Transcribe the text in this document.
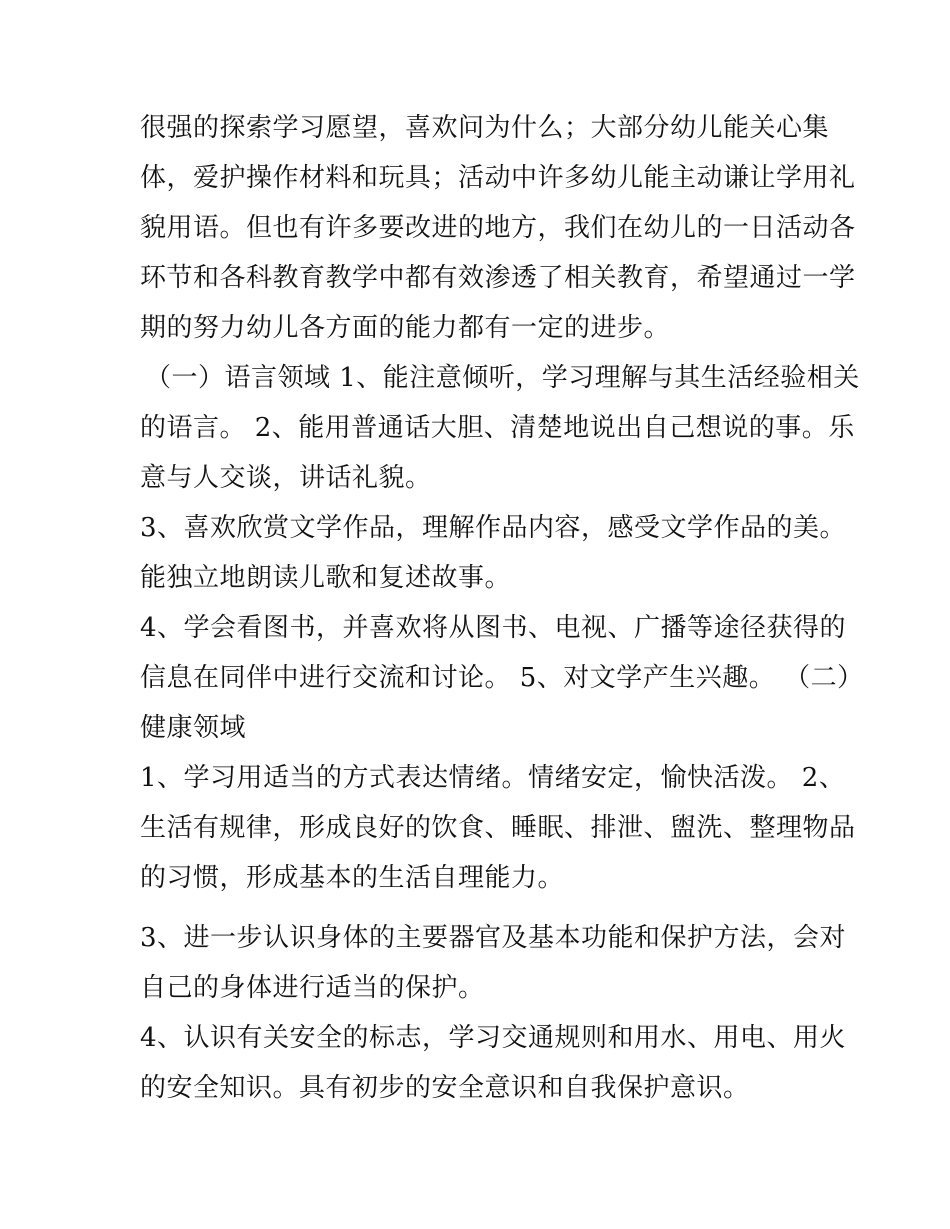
很强的探索学习愿望，喜欢问为什么；大部分幼儿能关心集
体，爱护操作材料和玩具；活动中许多幼儿能主动谦让学用礼
貌用语。但也有许多要改进的地方，我们在幼儿的一日活动各
环节和各科教育教学中都有效渗透了相关教育，希望通过一学
期的努力幼儿各方面的能力都有一定的进步。
（一）语言领域 1、能注意倾听，学习理解与其生活经验相关
的语言。 2、能用普通话大胆、清楚地说出自己想说的事。乐
意与人交谈，讲话礼貌。
3、喜欢欣赏文学作品，理解作品内容，感受文学作品的美。
能独立地朗读儿歌和复述故事。
4、学会看图书，并喜欢将从图书、电视、广播等途径获得的
信息在同伴中进行交流和讨论。 5、对文学产生兴趣。 （二）
健康领域
1、学习用适当的方式表达情绪。情绪安定，愉快活泼。 2、
生活有规律，形成良好的饮食、睡眠、排泄、盥洗、整理物品
的习惯，形成基本的生活自理能力。
3、进一步认识身体的主要器官及基本功能和保护方法，会对
自己的身体进行适当的保护。
4、认识有关安全的标志，学习交通规则和用水、用电、用火
的安全知识。具有初步的安全意识和自我保护意识。
